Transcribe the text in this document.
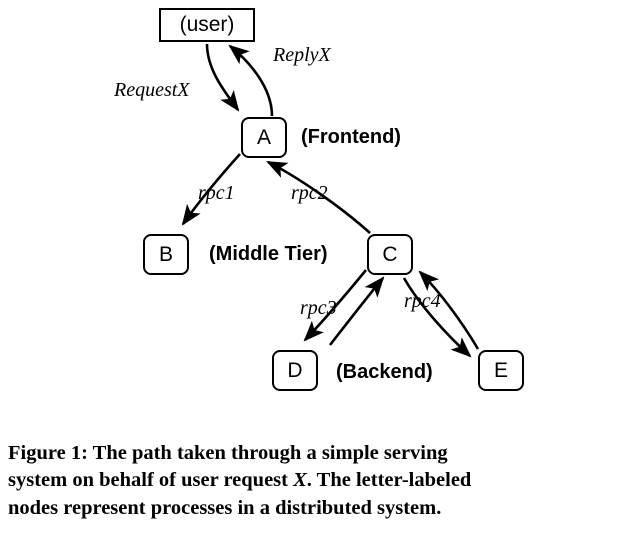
(user)
A
B	C
D	E
RequestX
ReplyX
rpc1	rpc2
rpc3	rpc4
(Frontend)
(Middle Tier)
(Backend)
Figure 1: The path taken through a simple serving
system on behalf of user request X. The letter-labeled
nodes represent processes in a distributed system.
